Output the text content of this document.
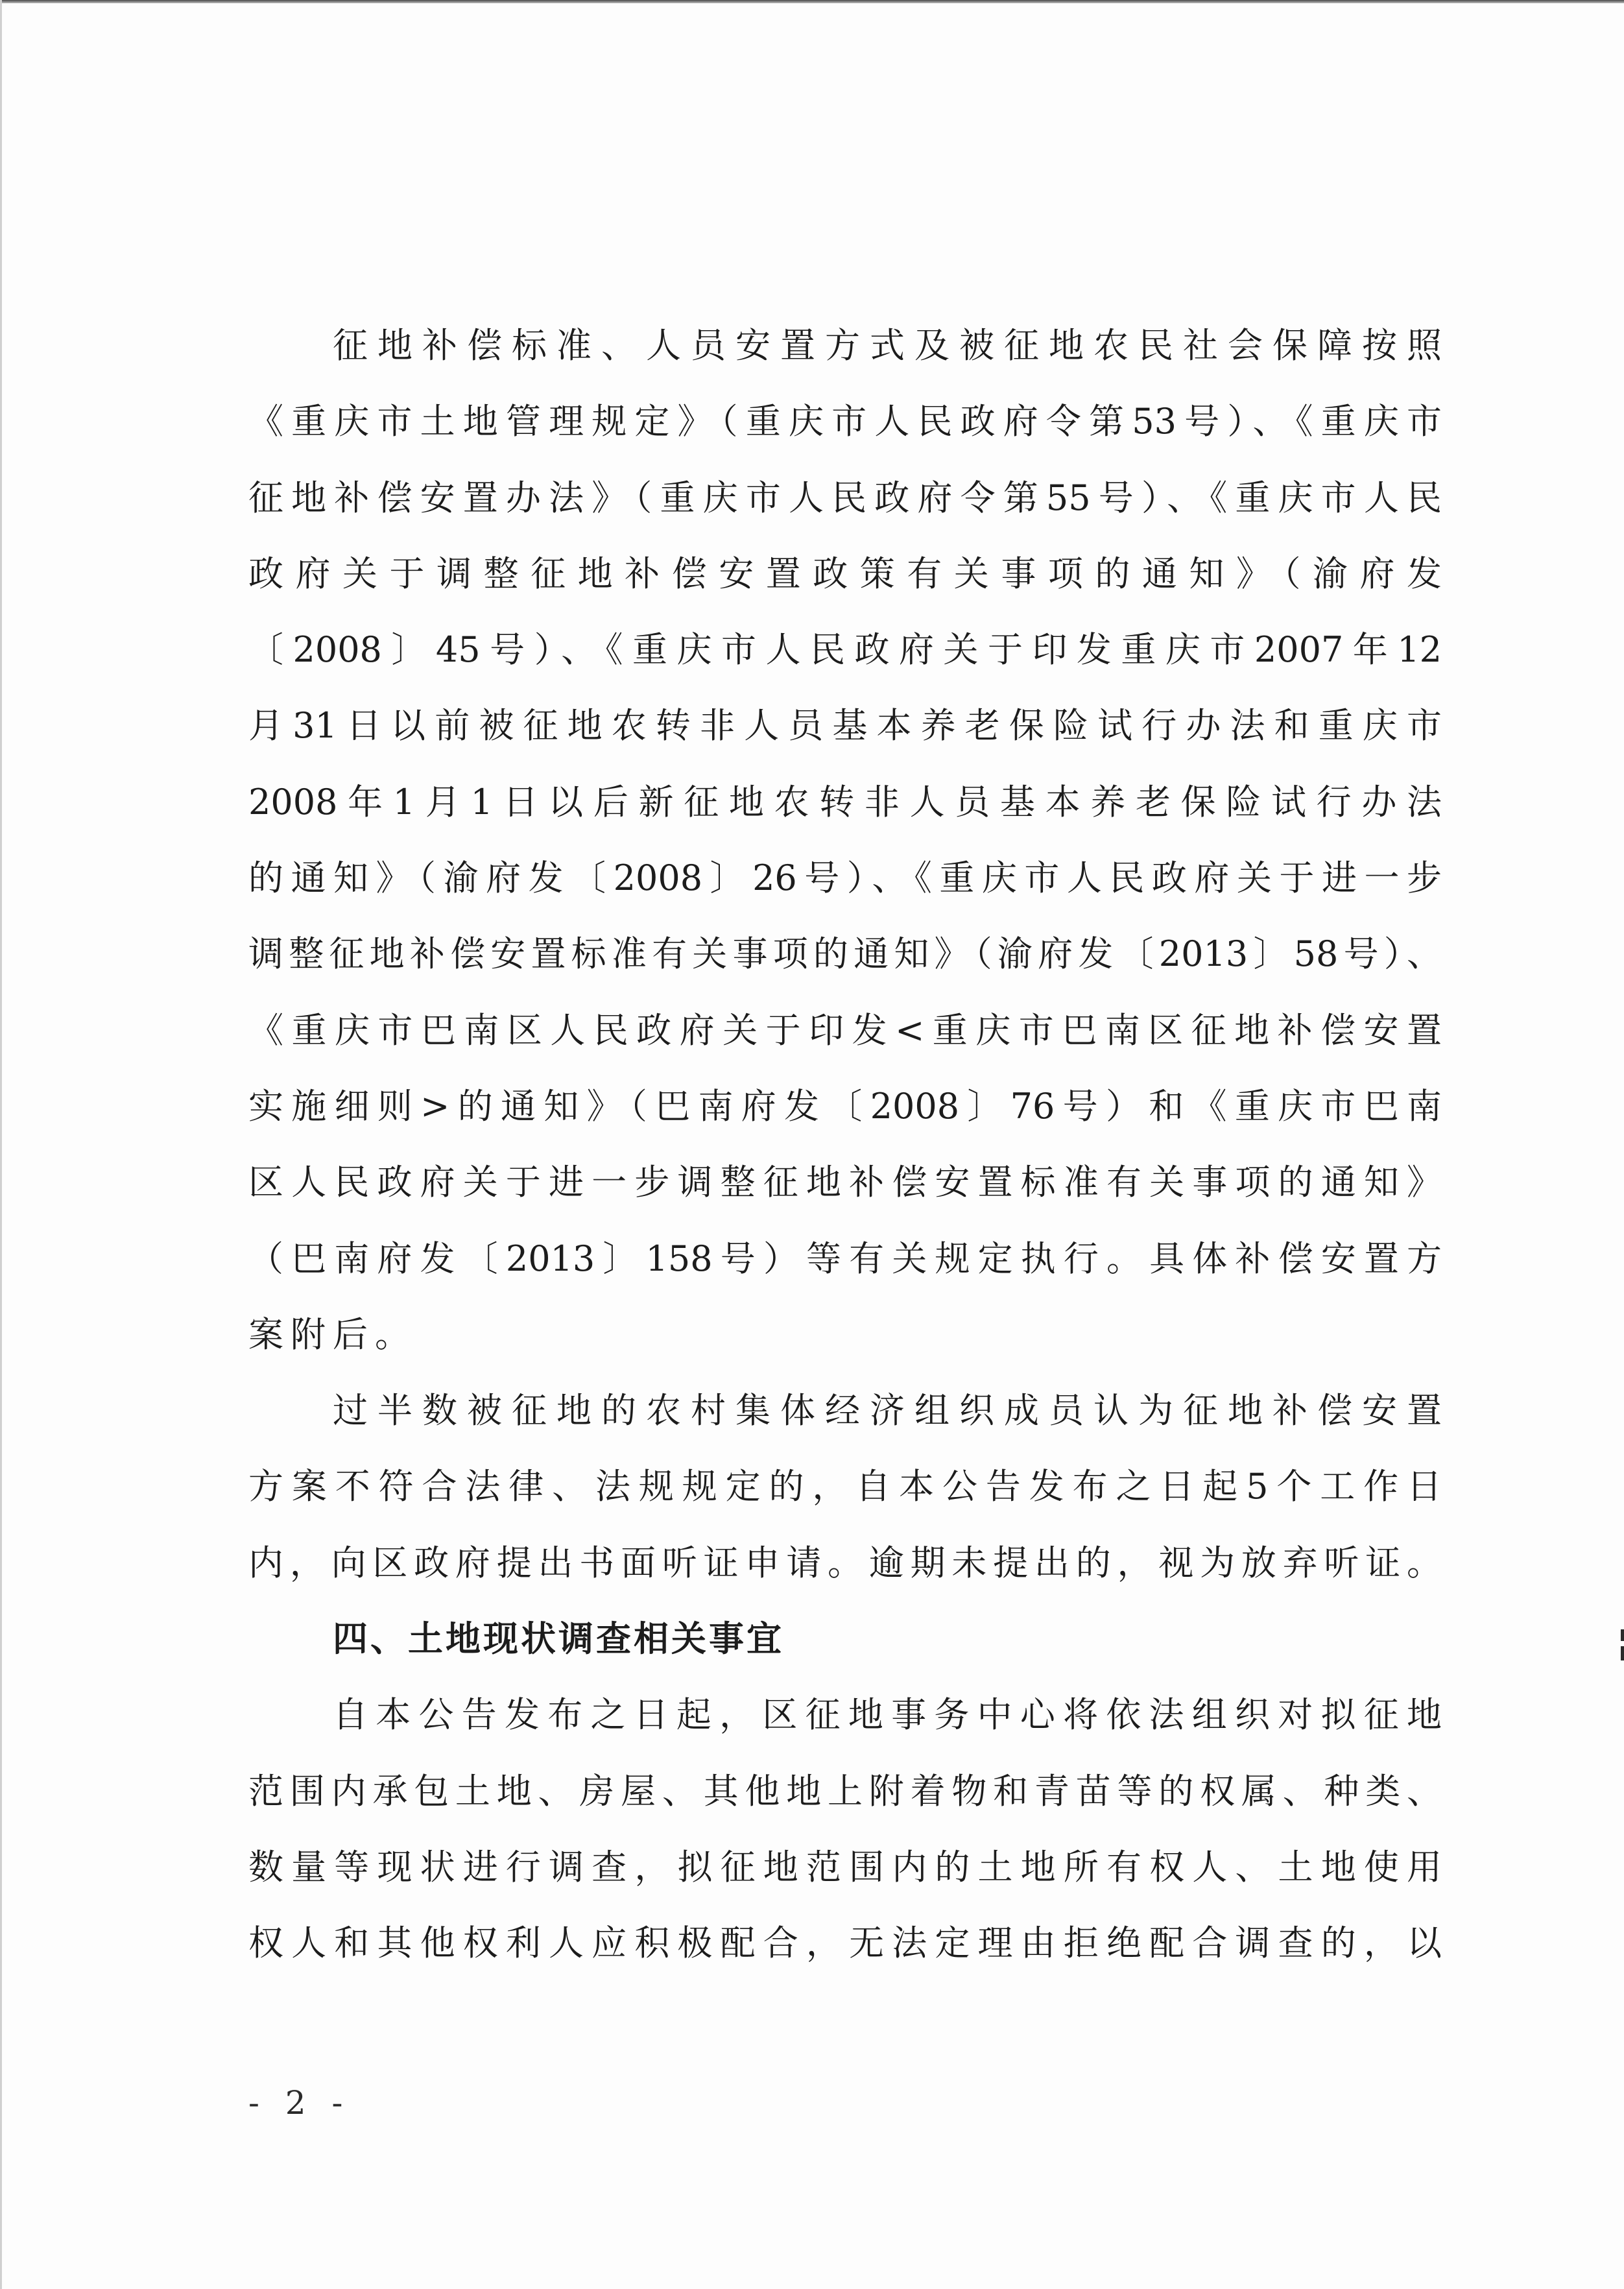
征地补偿标准、人员安置方式及被征地农民社会保障按照
《重庆市土地管理规定》（重庆市人民政府令第53号）、《重庆市
征地补偿安置办法》（重庆市人民政府令第55号）、《重庆市人民
政府关于调整征地补偿安置政策有关事项的通知》（渝府发
〔2008〕45号）、《重庆市人民政府关于印发重庆市2007年12
月31日以前被征地农转非人员基本养老保险试行办法和重庆市
2008年1月1日以后新征地农转非人员基本养老保险试行办法
的通知》（渝府发〔2008〕26号）、《重庆市人民政府关于进一步
调整征地补偿安置标准有关事项的通知》（渝府发〔2013〕58号）、
《重庆市巴南区人民政府关于印发<重庆市巴南区征地补偿安置
实施细则>的通知》（巴南府发〔2008〕76号）和《重庆市巴南
区人民政府关于进一步调整征地补偿安置标准有关事项的通知》
（巴南府发〔2013〕158号）等有关规定执行。具体补偿安置方
案附后。
过半数被征地的农村集体经济组织成员认为征地补偿安置
方案不符合法律、法规规定的，自本公告发布之日起5个工作日
内，向区政府提出书面听证申请。逾期未提出的，视为放弃听证。
四、土地现状调查相关事宜
自本公告发布之日起，区征地事务中心将依法组织对拟征地
范围内承包土地、房屋、其他地上附着物和青苗等的权属、种类、
数量等现状进行调查，拟征地范围内的土地所有权人、土地使用
权人和其他权利人应积极配合，无法定理由拒绝配合调查的，以
- 2 -
